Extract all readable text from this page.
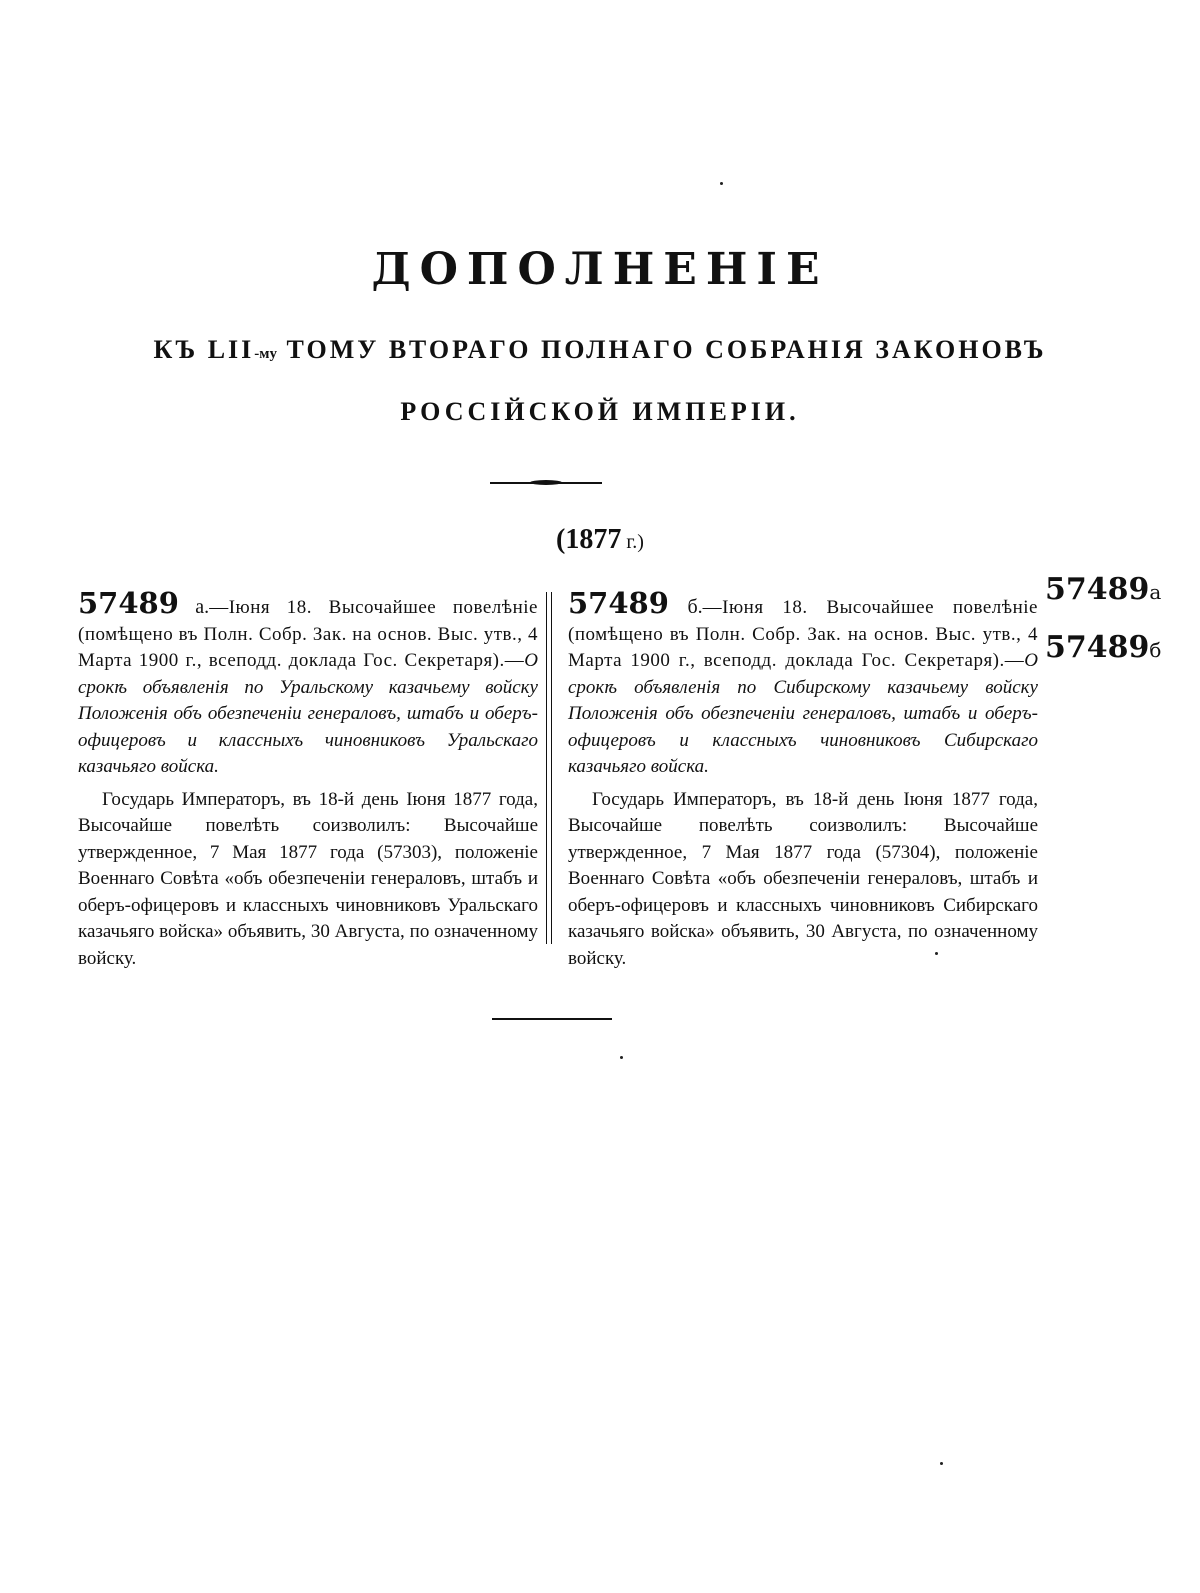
ДОПОЛНЕНІЕ
КЪ LII-му ТОМУ ВТОРАГО ПОЛНАГО СОБРАНІЯ ЗАКОНОВЪ
РОССІЙСКОЙ ИМПЕРІИ.
(1877 г.)
57489 а.—Іюня 18. Высочайшее повелѣніе (помѣщено въ Полн. Собр. Зак. на основ. Выс. утв., 4 Марта 1900 г., всеподд. доклада Гос. Секретаря).—О срокѣ объявленія по Уральскому казачьему войску Положенія объ обезпеченіи генераловъ, штабъ и оберъ-офицеровъ и классныхъ чиновниковъ Уральскаго казачьяго войска.
Государь Императоръ, въ 18-й день Іюня 1877 года, Высочайше повелѣть соизволилъ: Высочайше утвержденное, 7 Мая 1877 года (57303), положеніе Военнаго Совѣта «объ обезпеченіи генераловъ, штабъ и оберъ-офицеровъ и классныхъ чиновниковъ Уральскаго казачьяго войска» объявить, 30 Августа, по означенному войску.
57489 б.—Іюня 18. Высочайшее повелѣніе (помѣщено въ Полн. Собр. Зак. на основ. Выс. утв., 4 Марта 1900 г., всеподд. доклада Гос. Секретаря).—О срокѣ объявленія по Сибирскому казачьему войску Положенія объ обезпеченіи генераловъ, штабъ и оберъ-офицеровъ и классныхъ чиновниковъ Сибирскаго казачьяго войска.
Государь Императоръ, въ 18-й день Іюня 1877 года, Высочайше повелѣть соизволилъ: Высочайше утвержденное, 7 Мая 1877 года (57304), положеніе Военнаго Совѣта «объ обезпеченіи генераловъ, штабъ и оберъ-офицеровъ и классныхъ чиновниковъ Сибирскаго казачьяго войска» объявить, 30 Августа, по означенному войску.
57489а
57489б
